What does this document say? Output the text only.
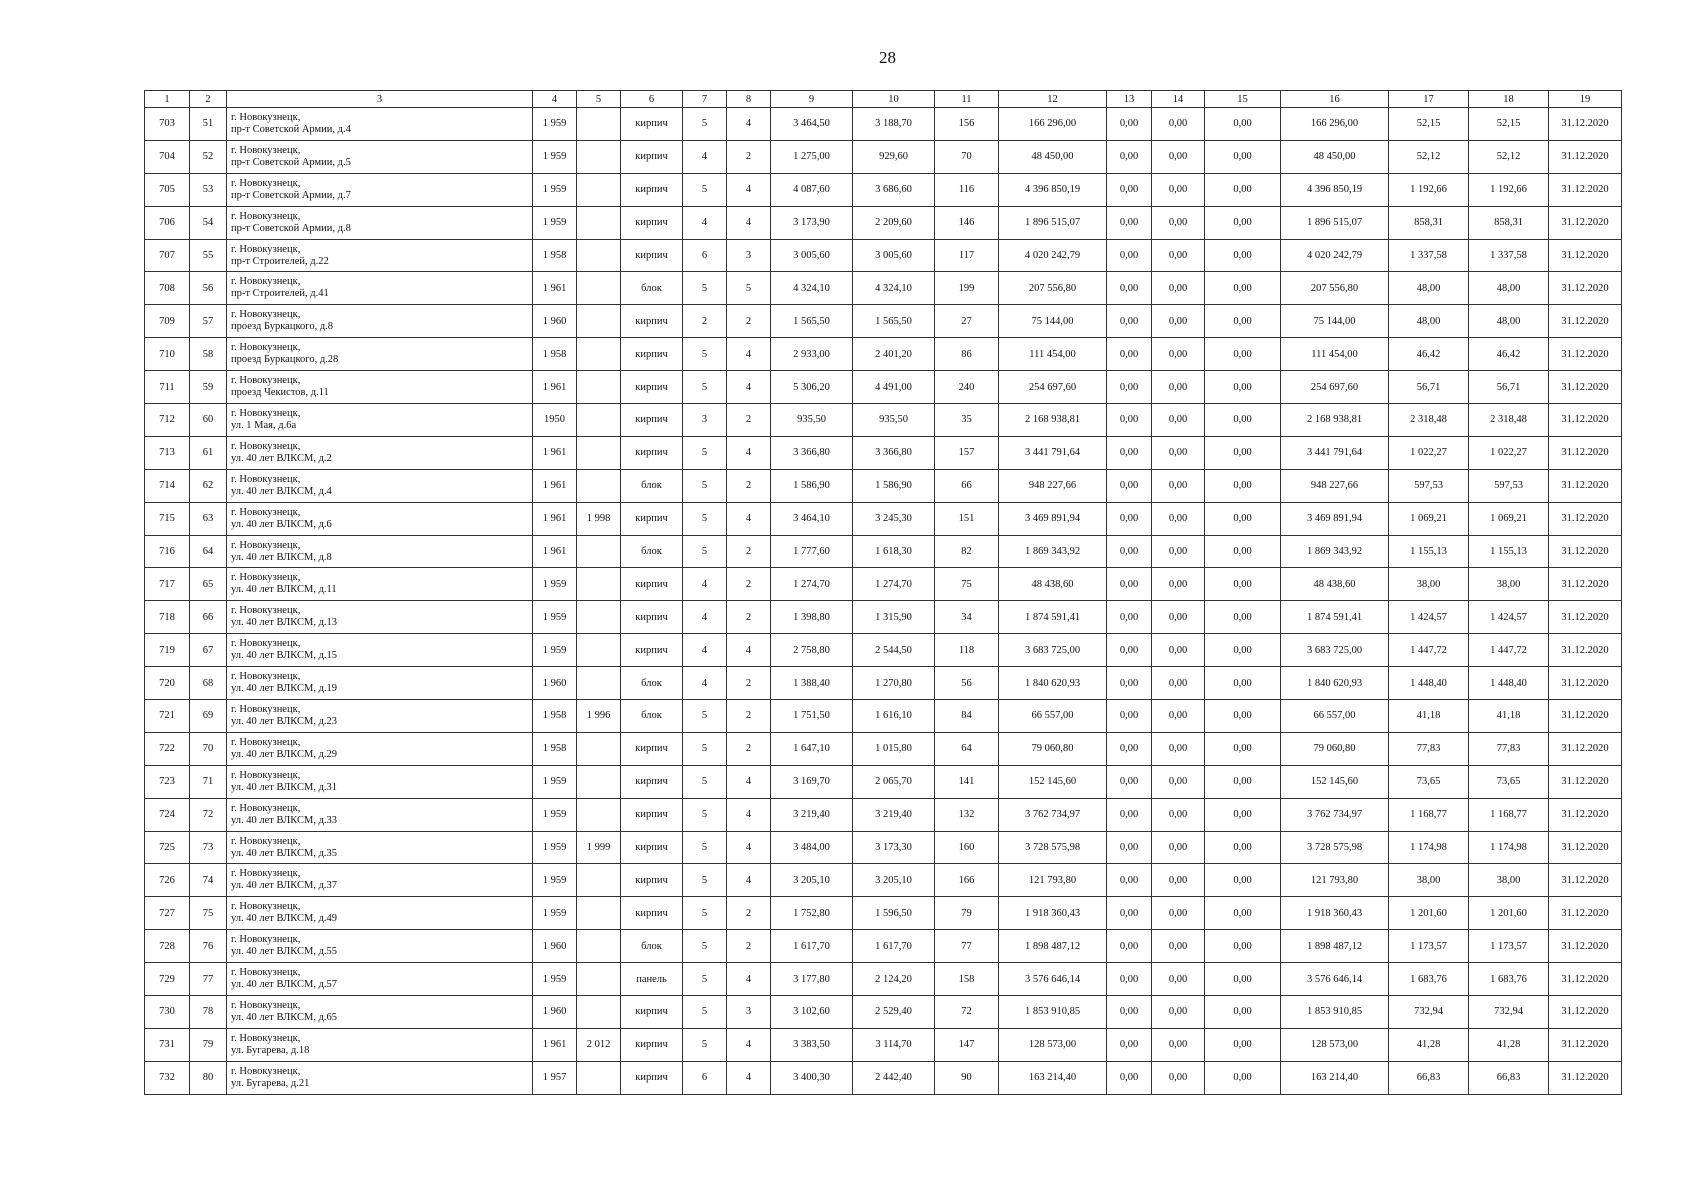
28
1	2	3	4	5	6	7	8	9	10	11	12	13	14	15	16	17	18	19
703	51	г. Новокузнецк,
пр-т Советской Армии, д.4	1 959		кирпич	5	4	3 464,50	3 188,70	156	166 296,00	0,00	0,00	0,00	166 296,00	52,15	52,15	31.12.2020
704	52	г. Новокузнецк,
пр-т Советской Армии, д.5	1 959		кирпич	4	2	1 275,00	929,60	70	48 450,00	0,00	0,00	0,00	48 450,00	52,12	52,12	31.12.2020
705	53	г. Новокузнецк,
пр-т Советской Армии, д.7	1 959		кирпич	5	4	4 087,60	3 686,60	116	4 396 850,19	0,00	0,00	0,00	4 396 850,19	1 192,66	1 192,66	31.12.2020
706	54	г. Новокузнецк,
пр-т Советской Армии, д.8	1 959		кирпич	4	4	3 173,90	2 209,60	146	1 896 515,07	0,00	0,00	0,00	1 896 515,07	858,31	858,31	31.12.2020
707	55	г. Новокузнецк,
пр-т Строителей, д.22	1 958		кирпич	6	3	3 005,60	3 005,60	117	4 020 242,79	0,00	0,00	0,00	4 020 242,79	1 337,58	1 337,58	31.12.2020
708	56	г. Новокузнецк,
пр-т Строителей, д.41	1 961		блок	5	5	4 324,10	4 324,10	199	207 556,80	0,00	0,00	0,00	207 556,80	48,00	48,00	31.12.2020
709	57	г. Новокузнецк,
проезд Буркацкого, д.8	1 960		кирпич	2	2	1 565,50	1 565,50	27	75 144,00	0,00	0,00	0,00	75 144,00	48,00	48,00	31.12.2020
710	58	г. Новокузнецк,
проезд Буркацкого, д.28	1 958		кирпич	5	4	2 933,00	2 401,20	86	111 454,00	0,00	0,00	0,00	111 454,00	46,42	46,42	31.12.2020
711	59	г. Новокузнецк,
проезд Чекистов, д.11	1 961		кирпич	5	4	5 306,20	4 491,00	240	254 697,60	0,00	0,00	0,00	254 697,60	56,71	56,71	31.12.2020
712	60	г. Новокузнецк,
ул. 1 Мая, д.6а	1950		кирпич	3	2	935,50	935,50	35	2 168 938,81	0,00	0,00	0,00	2 168 938,81	2 318,48	2 318,48	31.12.2020
713	61	г. Новокузнецк,
ул. 40 лет ВЛКСМ, д.2	1 961		кирпич	5	4	3 366,80	3 366,80	157	3 441 791,64	0,00	0,00	0,00	3 441 791,64	1 022,27	1 022,27	31.12.2020
714	62	г. Новокузнецк,
ул. 40 лет ВЛКСМ, д.4	1 961		блок	5	2	1 586,90	1 586,90	66	948 227,66	0,00	0,00	0,00	948 227,66	597,53	597,53	31.12.2020
715	63	г. Новокузнецк,
ул. 40 лет ВЛКСМ, д.6	1 961	1 998	кирпич	5	4	3 464,10	3 245,30	151	3 469 891,94	0,00	0,00	0,00	3 469 891,94	1 069,21	1 069,21	31.12.2020
716	64	г. Новокузнецк,
ул. 40 лет ВЛКСМ, д.8	1 961		блок	5	2	1 777,60	1 618,30	82	1 869 343,92	0,00	0,00	0,00	1 869 343,92	1 155,13	1 155,13	31.12.2020
717	65	г. Новокузнецк,
ул. 40 лет ВЛКСМ, д.11	1 959		кирпич	4	2	1 274,70	1 274,70	75	48 438,60	0,00	0,00	0,00	48 438,60	38,00	38,00	31.12.2020
718	66	г. Новокузнецк,
ул. 40 лет ВЛКСМ, д.13	1 959		кирпич	4	2	1 398,80	1 315,90	34	1 874 591,41	0,00	0,00	0,00	1 874 591,41	1 424,57	1 424,57	31.12.2020
719	67	г. Новокузнецк,
ул. 40 лет ВЛКСМ, д.15	1 959		кирпич	4	4	2 758,80	2 544,50	118	3 683 725,00	0,00	0,00	0,00	3 683 725,00	1 447,72	1 447,72	31.12.2020
720	68	г. Новокузнецк,
ул. 40 лет ВЛКСМ, д.19	1 960		блок	4	2	1 388,40	1 270,80	56	1 840 620,93	0,00	0,00	0,00	1 840 620,93	1 448,40	1 448,40	31.12.2020
721	69	г. Новокузнецк,
ул. 40 лет ВЛКСМ, д.23	1 958	1 996	блок	5	2	1 751,50	1 616,10	84	66 557,00	0,00	0,00	0,00	66 557,00	41,18	41,18	31.12.2020
722	70	г. Новокузнецк,
ул. 40 лет ВЛКСМ, д.29	1 958		кирпич	5	2	1 647,10	1 015,80	64	79 060,80	0,00	0,00	0,00	79 060,80	77,83	77,83	31.12.2020
723	71	г. Новокузнецк,
ул. 40 лет ВЛКСМ, д.31	1 959		кирпич	5	4	3 169,70	2 065,70	141	152 145,60	0,00	0,00	0,00	152 145,60	73,65	73,65	31.12.2020
724	72	г. Новокузнецк,
ул. 40 лет ВЛКСМ, д.33	1 959		кирпич	5	4	3 219,40	3 219,40	132	3 762 734,97	0,00	0,00	0,00	3 762 734,97	1 168,77	1 168,77	31.12.2020
725	73	г. Новокузнецк,
ул. 40 лет ВЛКСМ, д.35	1 959	1 999	кирпич	5	4	3 484,00	3 173,30	160	3 728 575,98	0,00	0,00	0,00	3 728 575,98	1 174,98	1 174,98	31.12.2020
726	74	г. Новокузнецк,
ул. 40 лет ВЛКСМ, д.37	1 959		кирпич	5	4	3 205,10	3 205,10	166	121 793,80	0,00	0,00	0,00	121 793,80	38,00	38,00	31.12.2020
727	75	г. Новокузнецк,
ул. 40 лет ВЛКСМ, д.49	1 959		кирпич	5	2	1 752,80	1 596,50	79	1 918 360,43	0,00	0,00	0,00	1 918 360,43	1 201,60	1 201,60	31.12.2020
728	76	г. Новокузнецк,
ул. 40 лет ВЛКСМ, д.55	1 960		блок	5	2	1 617,70	1 617,70	77	1 898 487,12	0,00	0,00	0,00	1 898 487,12	1 173,57	1 173,57	31.12.2020
729	77	г. Новокузнецк,
ул. 40 лет ВЛКСМ, д.57	1 959		панель	5	4	3 177,80	2 124,20	158	3 576 646,14	0,00	0,00	0,00	3 576 646,14	1 683,76	1 683,76	31.12.2020
730	78	г. Новокузнецк,
ул. 40 лет ВЛКСМ, д.65	1 960		кирпич	5	3	3 102,60	2 529,40	72	1 853 910,85	0,00	0,00	0,00	1 853 910,85	732,94	732,94	31.12.2020
731	79	г. Новокузнецк,
ул. Бугарева, д.18	1 961	2 012	кирпич	5	4	3 383,50	3 114,70	147	128 573,00	0,00	0,00	0,00	128 573,00	41,28	41,28	31.12.2020
732	80	г. Новокузнецк,
ул. Бугарева, д.21	1 957		кирпич	6	4	3 400,30	2 442,40	90	163 214,40	0,00	0,00	0,00	163 214,40	66,83	66,83	31.12.2020
